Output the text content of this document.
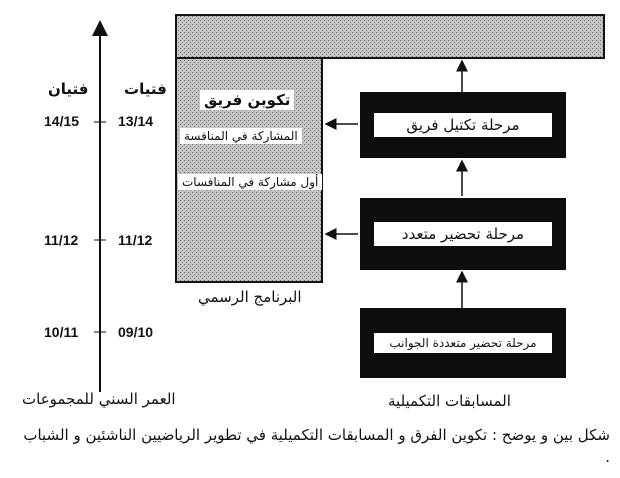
تكوين فريق
المشاركة في المنافسة
أول مشاركة في المنافسات
البرنامج الرسمي
مرحلة تكتيل فريق
مرحلة تحضير متعدد
مرحلة تحضير متعددة الجوانب
المسابقات التكميلية
فتيات
فتيان
13/14
11/12
09/10
14/15
11/12
10/11
العمر السني للمجموعات
شكل بين و يوضح : تكوين الفرق و المسابقات التكميلية في تطوير الرياضيين الناشئين و الشباب .
